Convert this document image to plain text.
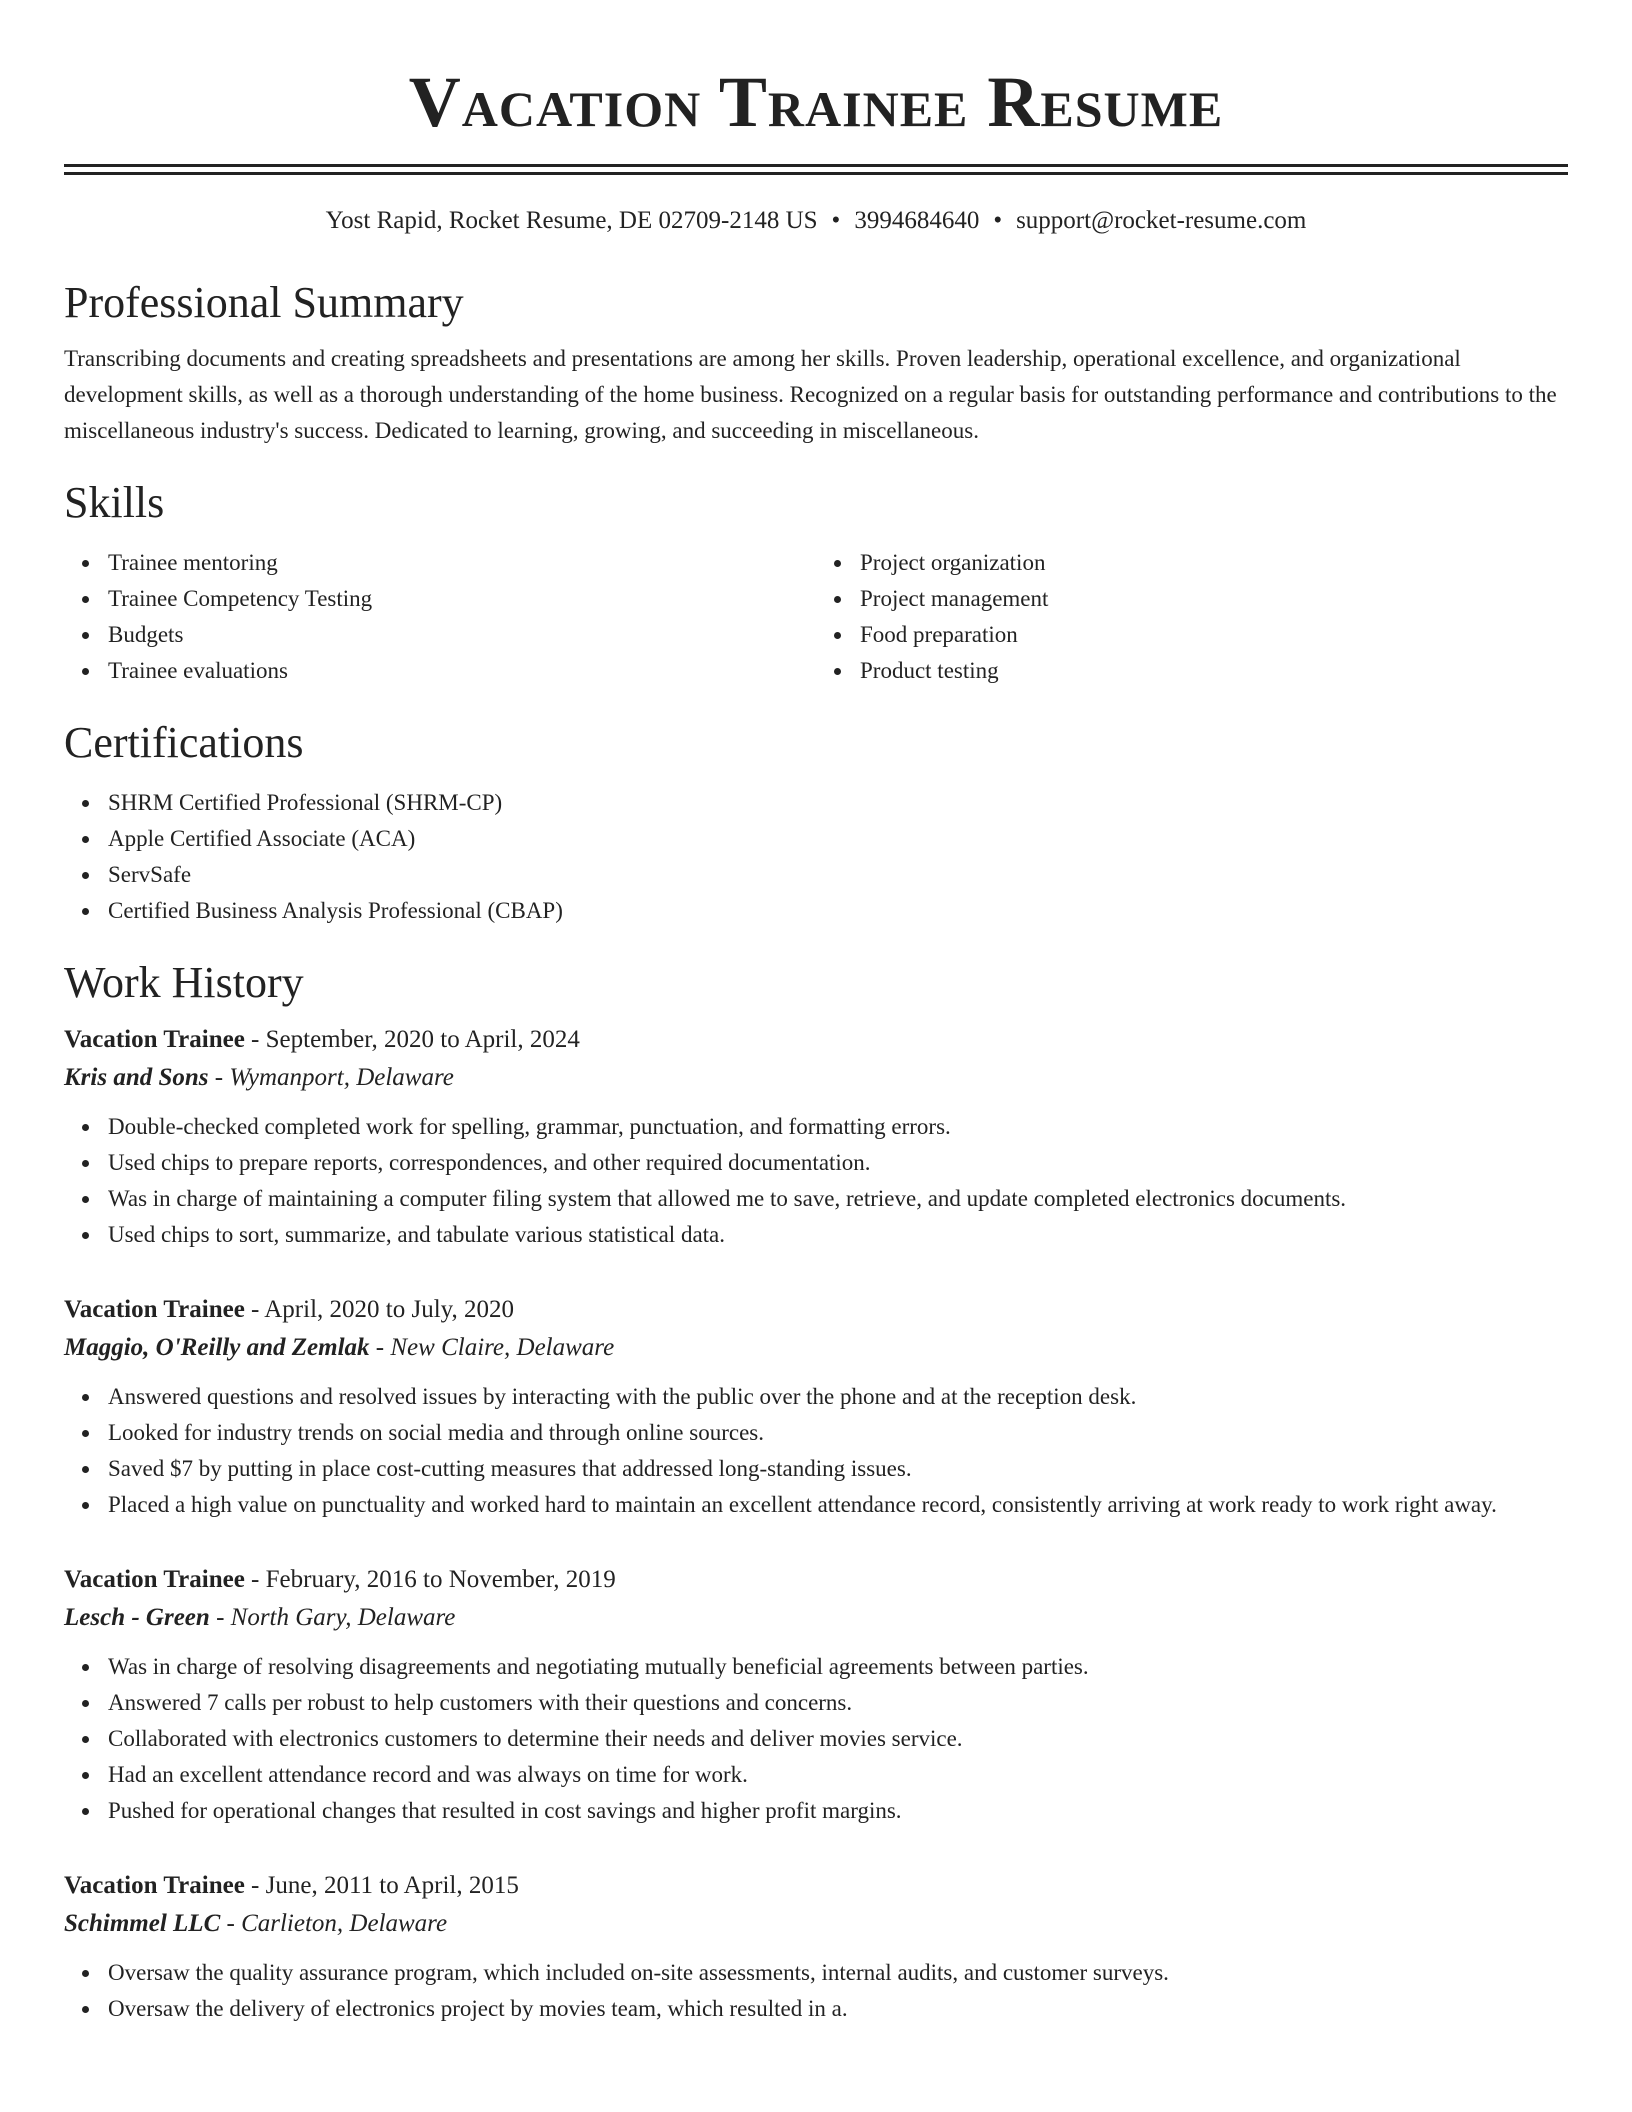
Vacation Trainee Resume
Yost Rapid, Rocket Resume, DE 02709-2148 US • 3994684640 • support@rocket-resume.com
Professional Summary
Transcribing documents and creating spreadsheets and presentations are among her skills. Proven leadership, operational excellence, and organizational development skills, as well as a thorough understanding of the home business. Recognized on a regular basis for outstanding performance and contributions to the miscellaneous industry's success. Dedicated to learning, growing, and succeeding in miscellaneous.
Skills
Trainee mentoring
Trainee Competency Testing
Budgets
Trainee evaluations
Project organization
Project management
Food preparation
Product testing
Certifications
SHRM Certified Professional (SHRM-CP)
Apple Certified Associate (ACA)
ServSafe
Certified Business Analysis Professional (CBAP)
Work History
Vacation Trainee - September, 2020 to April, 2024
Kris and Sons - Wymanport, Delaware
Double-checked completed work for spelling, grammar, punctuation, and formatting errors.
Used chips to prepare reports, correspondences, and other required documentation.
Was in charge of maintaining a computer filing system that allowed me to save, retrieve, and update completed electronics documents.
Used chips to sort, summarize, and tabulate various statistical data.
Vacation Trainee - April, 2020 to July, 2020
Maggio, O'Reilly and Zemlak - New Claire, Delaware
Answered questions and resolved issues by interacting with the public over the phone and at the reception desk.
Looked for industry trends on social media and through online sources.
Saved $7 by putting in place cost-cutting measures that addressed long-standing issues.
Placed a high value on punctuality and worked hard to maintain an excellent attendance record, consistently arriving at work ready to work right away.
Vacation Trainee - February, 2016 to November, 2019
Lesch - Green - North Gary, Delaware
Was in charge of resolving disagreements and negotiating mutually beneficial agreements between parties.
Answered 7 calls per robust to help customers with their questions and concerns.
Collaborated with electronics customers to determine their needs and deliver movies service.
Had an excellent attendance record and was always on time for work.
Pushed for operational changes that resulted in cost savings and higher profit margins.
Vacation Trainee - June, 2011 to April, 2015
Schimmel LLC - Carlieton, Delaware
Oversaw the quality assurance program, which included on-site assessments, internal audits, and customer surveys.
Oversaw the delivery of electronics project by movies team, which resulted in a.
